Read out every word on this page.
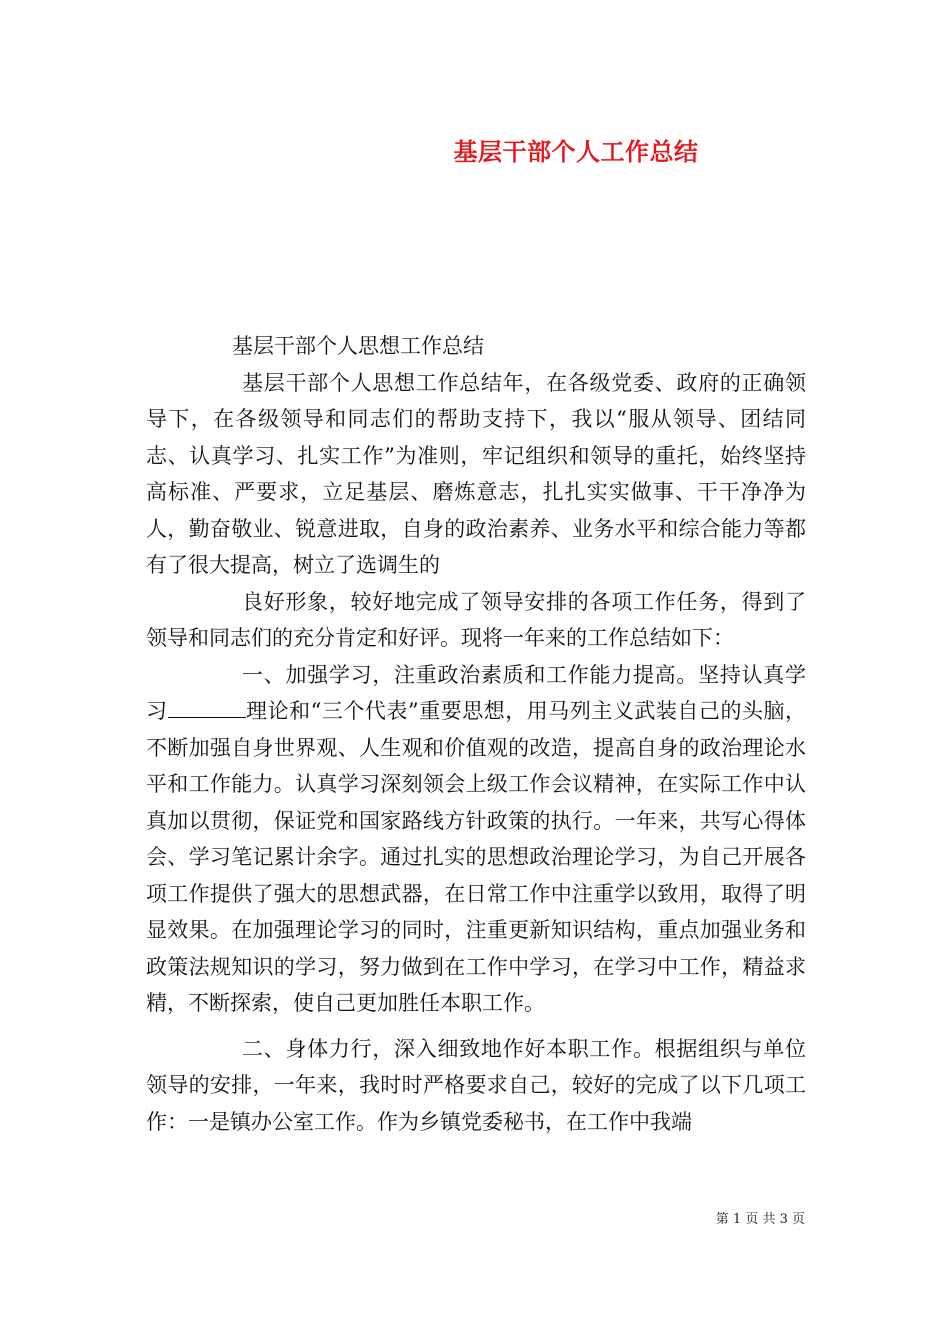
基层干部个人工作总结

基层干部个人思想工作总结

基层干部个人思想工作总结年，在各级党委、政府的正确领导下，在各级领导和同志们的帮助支持下，我以“服从领导、团结同志、认真学习、扎实工作”为准则，牢记组织和领导的重托，始终坚持高标准、严要求，立足基层、磨炼意志，扎扎实实做事、干干净净为人，勤奋敬业、锐意进取，自身的政治素养、业务水平和综合能力等都有了很大提高，树立了选调生的

良好形象，较好地完成了领导安排的各项工作任务，得到了领导和同志们的充分肯定和好评。现将一年来的工作总结如下：

一、加强学习，注重政治素质和工作能力提高。坚持认真学习	理论和“三个代表”重要思想，用马列主义武装自己的头脑，不断加强自身世界观、人生观和价值观的改造，提高自身的政治理论水平和工作能力。认真学习深刻领会上级工作会议精神，在实际工作中认真加以贯彻，保证党和国家路线方针政策的执行。一年来，共写心得体会、学习笔记累计余字。通过扎实的思想政治理论学习，为自己开展各项工作提供了强大的思想武器，在日常工作中注重学以致用，取得了明显效果。在加强理论学习的同时，注重更新知识结构，重点加强业务和政策法规知识的学习，努力做到在工作中学习，在学习中工作，精益求精，不断探索，使自己更加胜任本职工作。

二、身体力行，深入细致地作好本职工作。根据组织与单位领导的安排，一年来，我时时严格要求自己，较好的完成了以下几项工作：一是镇办公室工作。作为乡镇党委秘书，在工作中我端

第 1 页 共 3 页
